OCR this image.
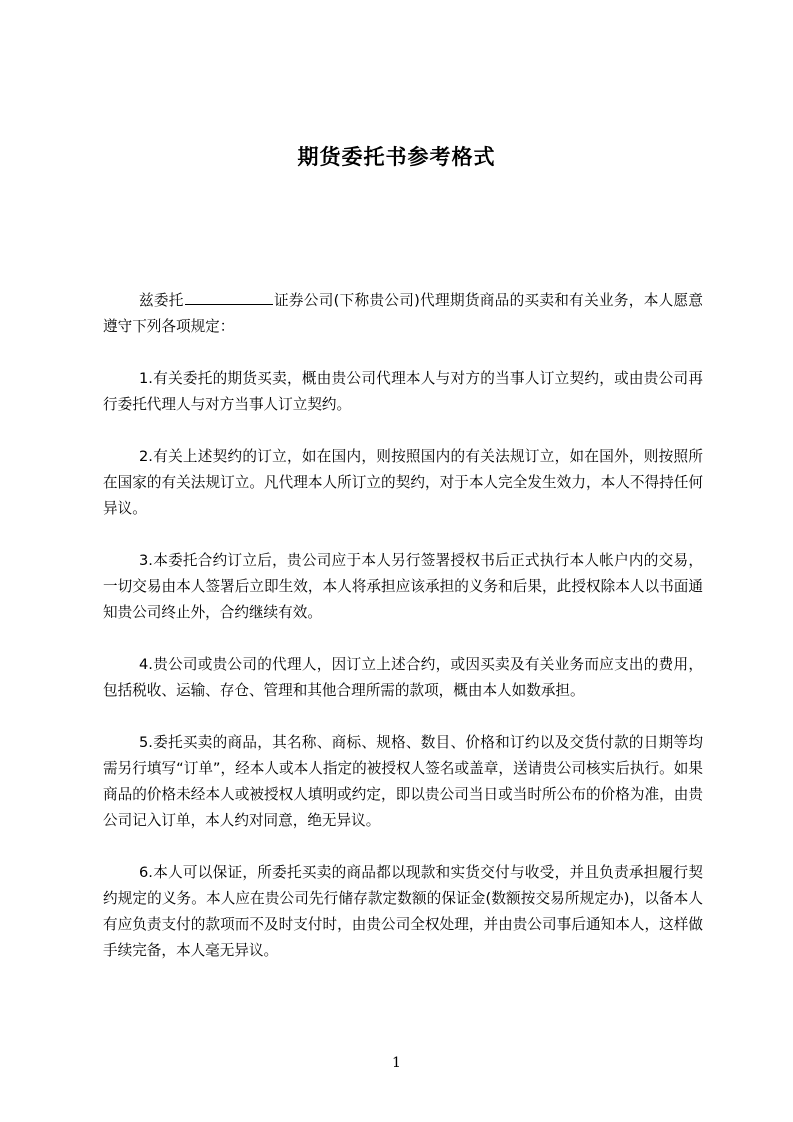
期货委托书参考格式

兹委托	证券公司(下称贵公司)代理期货商品的买卖和有关业务，本人愿意遵守下列各项规定：

1.有关委托的期货买卖，概由贵公司代理本人与对方的当事人订立契约，或由贵公司再行委托代理人与对方当事人订立契约。

2.有关上述契约的订立，如在国内，则按照国内的有关法规订立，如在国外，则按照所在国家的有关法规订立。凡代理本人所订立的契约，对于本人完全发生效力，本人不得持任何异议。

3.本委托合约订立后，贵公司应于本人另行签署授权书后正式执行本人帐户内的交易，一切交易由本人签署后立即生效，本人将承担应该承担的义务和后果，此授权除本人以书面通知贵公司终止外，合约继续有效。

4.贵公司或贵公司的代理人，因订立上述合约，或因买卖及有关业务而应支出的费用，包括税收、运输、存仓、管理和其他合理所需的款项，概由本人如数承担。

5.委托买卖的商品，其名称、商标、规格、数目、价格和订约以及交货付款的日期等均需另行填写“订单”，经本人或本人指定的被授权人签名或盖章，送请贵公司核实后执行。如果商品的价格未经本人或被授权人填明或约定，即以贵公司当日或当时所公布的价格为准，由贵公司记入订单，本人约对同意，绝无异议。

6.本人可以保证，所委托买卖的商品都以现款和实货交付与收受，并且负责承担履行契约规定的义务。本人应在贵公司先行储存款定数额的保证金(数额按交易所规定办)，以备本人有应负责支付的款项而不及时支付时，由贵公司全权处理，并由贵公司事后通知本人，这样做手续完备，本人毫无异议。

1
